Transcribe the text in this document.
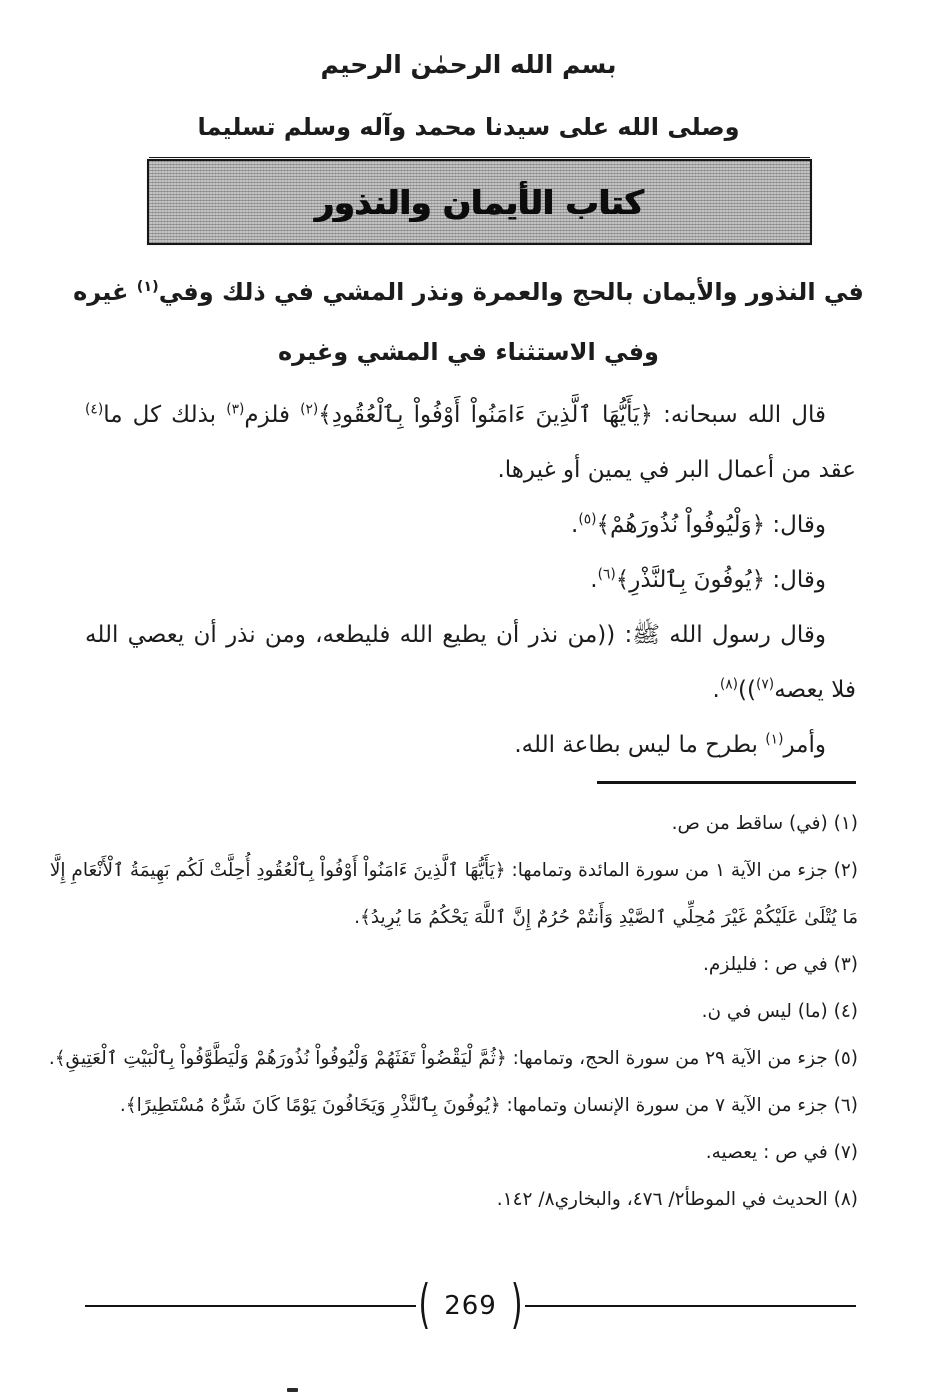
بسم الله الرحمٰن الرحيم
وصلى الله على سيدنا محمد وآله وسلم تسليما
كتاب الأيمان والنذور
في النذور والأيمان بالحج والعمرة ونذر المشي في ذلك وفي$^{(١)}$ غيره
وفي الاستثناء في المشي وغيره

قال الله سبحانه: ﴿يَأَيُّهَا ٱلَّذِينَ ءَامَنُواْ أَوْفُواْ بِٱلْعُقُودِ﴾$^{(٢)}$ فلزم$^{(٣)}$ بذلك كل ما$^{(٤)}$ عقد من أعمال البر في يمين أو غيرها.

وقال: ﴿وَلْيُوفُواْ نُذُورَهُمْ﴾$^{(٥)}$.

وقال: ﴿يُوفُونَ بِٱلنَّذْرِ﴾$^{(٦)}$.

وقال رسول الله ﷺ: ((من نذر أن يطيع الله فليطعه، ومن نذر أن يعصي الله فلا يعصه$^{(٧)}$))$^{(٨)}$.

وأمر$^{(١)}$ بطرح ما ليس بطاعة الله.

(١) (في) ساقط من ص.

(٢) جزء من الآية ١ من سورة المائدة وتمامها: ﴿يَأَيُّهَا ٱلَّذِينَ ءَامَنُواْ أَوْفُواْ بِٱلْعُقُودِ أُحِلَّتْ لَكُم بَهِيمَةُ ٱلْأَنْعَامِ إِلَّا مَا يُتْلَىٰ عَلَيْكُمْ غَيْرَ مُحِلِّي ٱلصَّيْدِ وَأَنتُمْ حُرُمٌ إِنَّ ٱللَّهَ يَحْكُمُ مَا يُرِيدُ﴾.

(٣) في ص : فليلزم.

(٤) (ما) ليس في ن.

(٥) جزء من الآية ٢٩ من سورة الحج، وتمامها: ﴿ثُمَّ لْيَقْضُواْ تَفَثَهُمْ وَلْيُوفُواْ نُذُورَهُمْ وَلْيَطَّوَّفُواْ بِٱلْبَيْتِ ٱلْعَتِيقِ﴾.

(٦) جزء من الآية ٧ من سورة الإنسان وتمامها: ﴿يُوفُونَ بِٱلنَّذْرِ وَيَخَافُونَ يَوْمًا كَانَ شَرُّهُ مُسْتَطِيرًا﴾.

(٧) في ص : يعصيه.

(٨) الحديث في الموطأ٢/ ٤٧٦، والبخاري٨/ ١٤٢.

( 269 )
